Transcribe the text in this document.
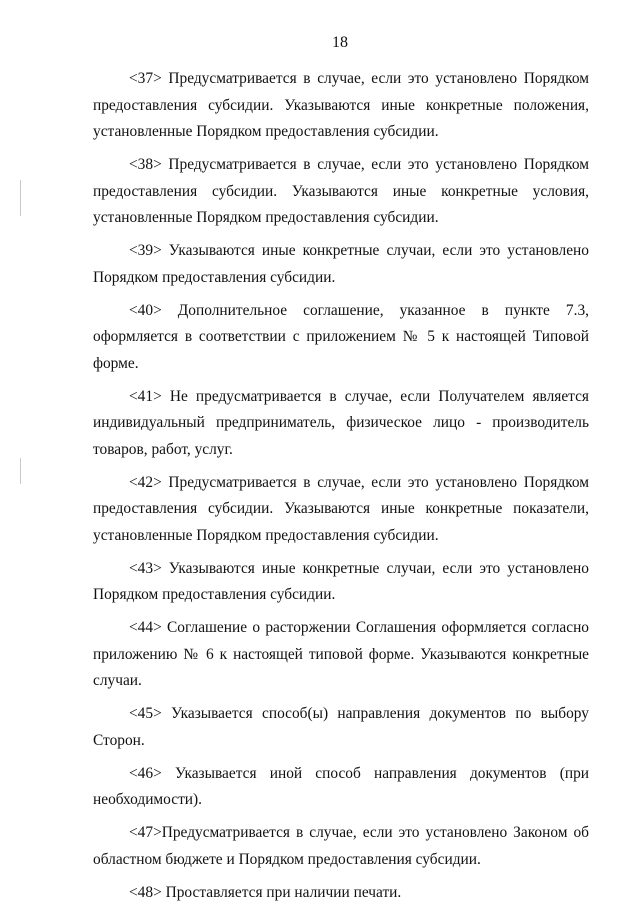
18

<37> Предусматривается в случае, если это установлено Порядком предоставления субсидии. Указываются иные конкретные положения, установленные Порядком предоставления субсидии.

<38> Предусматривается в случае, если это установлено Порядком предоставления субсидии. Указываются иные конкретные условия, установленные Порядком предоставления субсидии.

<39> Указываются иные конкретные случаи, если это установлено Порядком предоставления субсидии.

<40> Дополнительное соглашение, указанное в пункте 7.3, оформляется в соответствии с приложением № 5 к настоящей Типовой форме.

<41> Не предусматривается в случае, если Получателем является индивидуальный предприниматель, физическое лицо - производитель товаров, работ, услуг.

<42> Предусматривается в случае, если это установлено Порядком предоставления субсидии. Указываются иные конкретные показатели, установленные Порядком предоставления субсидии.

<43> Указываются иные конкретные случаи, если это установлено Порядком предоставления субсидии.

<44> Соглашение о расторжении Соглашения оформляется согласно приложению № 6 к настоящей типовой форме. Указываются конкретные случаи.

<45> Указывается способ(ы) направления документов по выбору Сторон.

<46> Указывается иной способ направления документов (при необходимости).

<47>Предусматривается в случае, если это установлено Законом об областном бюджете и Порядком предоставления субсидии.

<48> Проставляется при наличии печати.
